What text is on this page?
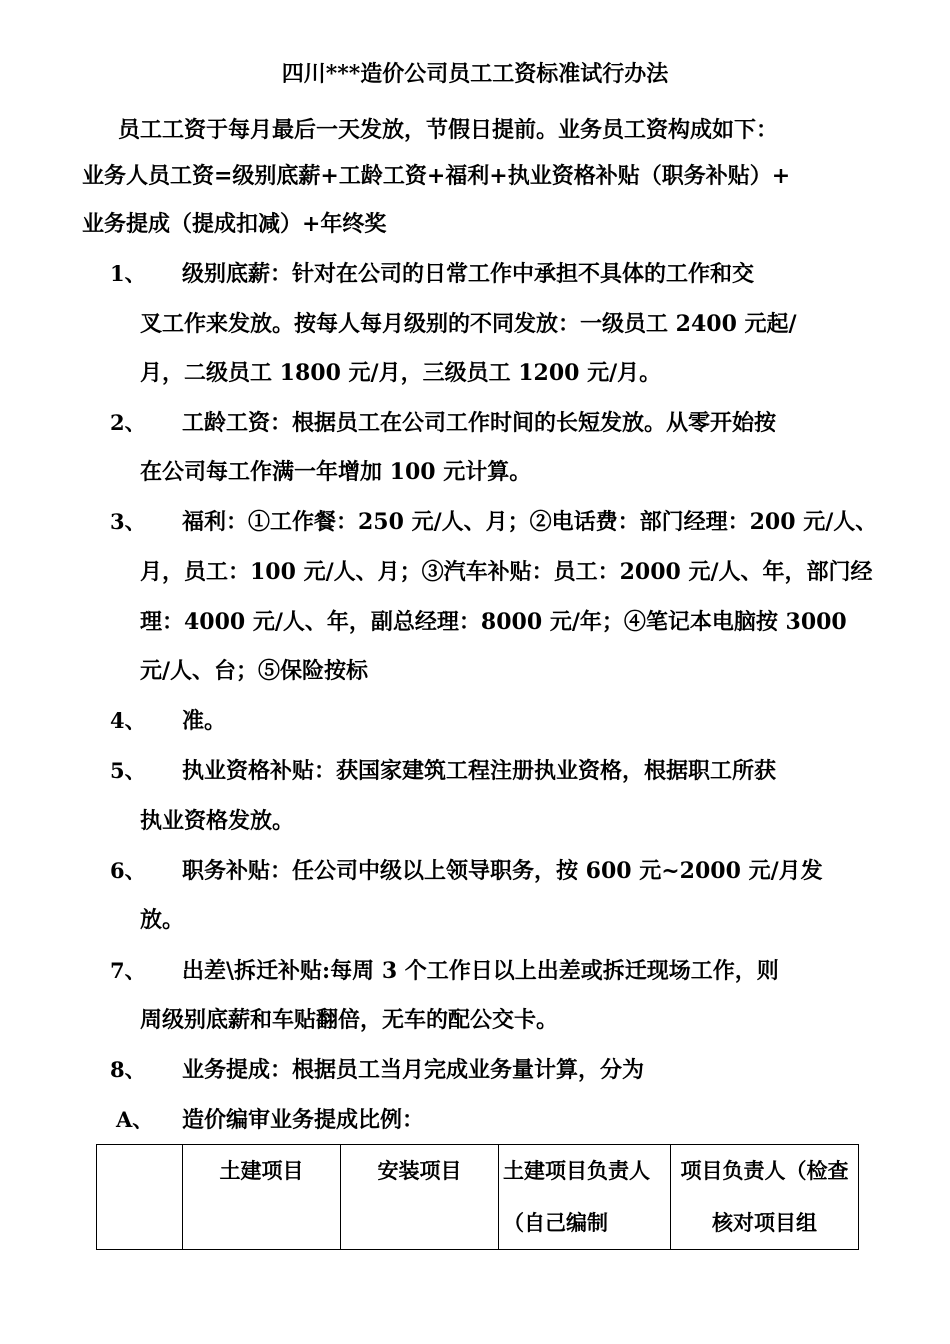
四川***造价公司员工工资标准试行办法
员工工资于每月最后一天发放，节假日提前。业务员工资构成如下：
业务人员工资=级别底薪+工龄工资+福利+执业资格补贴（职务补贴）+
业务提成（提成扣减）+年终奖
1、 级别底薪：针对在公司的日常工作中承担不具体的工作和交
叉工作来发放。按每人每月级别的不同发放：一级员工 2400 元起/
月，二级员工 1800 元/月，三级员工 1200 元/月。
2、 工龄工资：根据员工在公司工作时间的长短发放。从零开始按
在公司每工作满一年增加 100 元计算。
3、 福利：①工作餐：250 元/人、月；②电话费：部门经理：200 元/人、
月，员工：100 元/人、月；③汽车补贴：员工：2000 元/人、年，部门经
理：4000 元/人、年，副总经理：8000 元/年；④笔记本电脑按 3000
元/人、台；⑤保险按标
4、 准。
5、 执业资格补贴：获国家建筑工程注册执业资格，根据职工所获
执业资格发放。
6、 职务补贴：任公司中级以上领导职务，按 600 元~2000 元/月发
放。
7、 出差\拆迁补贴:每周 3 个工作日以上出差或拆迁现场工作，则
周级别底薪和车贴翻倍，无车的配公交卡。
8、 业务提成：根据员工当月完成业务量计算，分为
A、 造价编审业务提成比例：
	土建项目	安装项目	土建项目负责人（自己编制	项目负责人（检查核对项目组
